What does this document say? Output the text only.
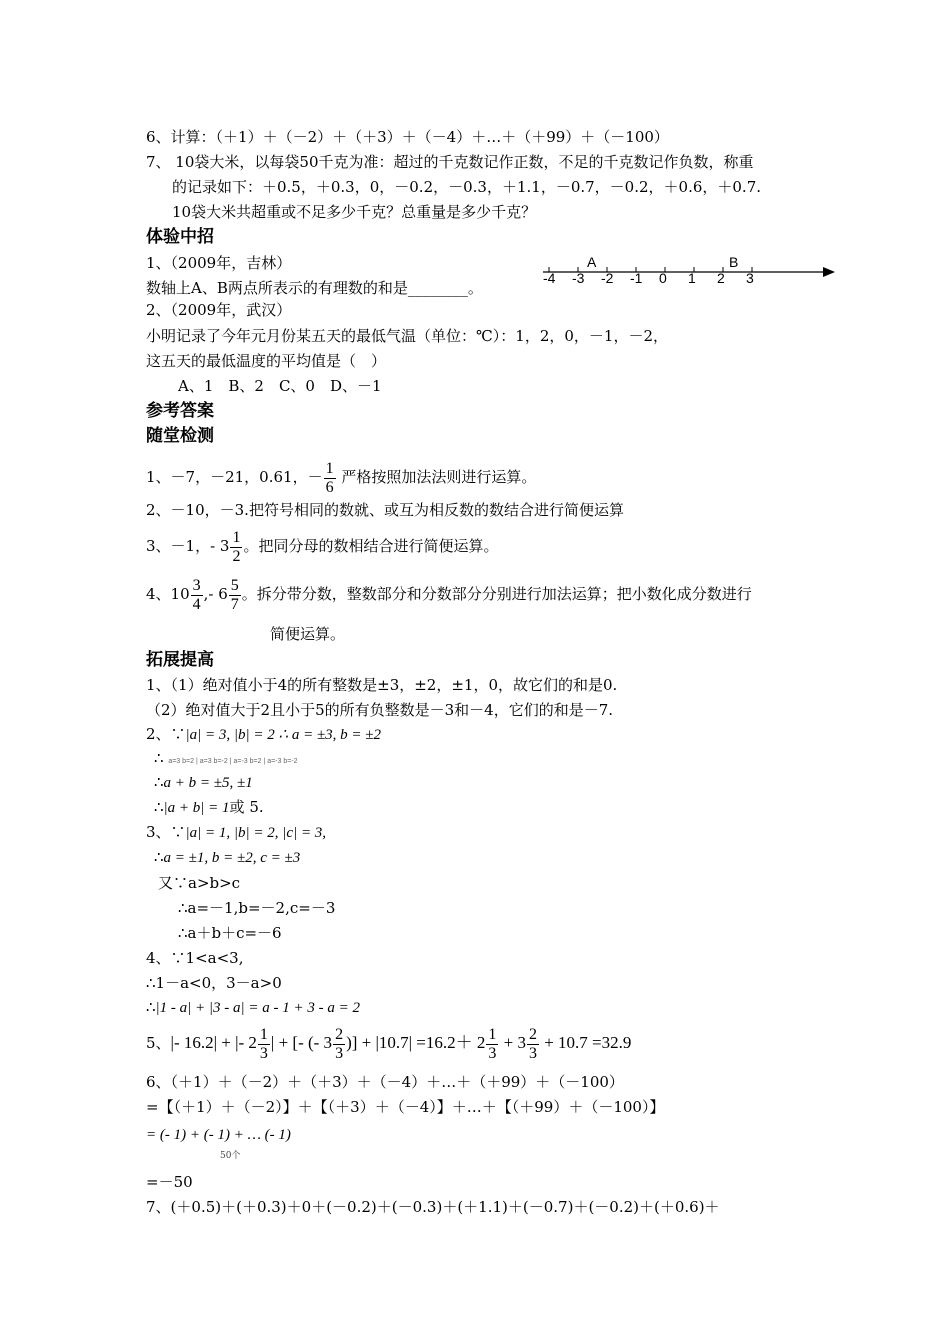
6、计算：（＋1）＋（－2）＋（＋3）＋（－4）＋…＋（＋99）＋（－100）
7、 10袋大米，以每袋50千克为准：超过的千克数记作正数，不足的千克数记作负数，称重
的记录如下：＋0.5，＋0.3，0，－0.2，－0.3，＋1.1，－0.7，－0.2，＋0.6，＋0.7.
10袋大米共超重或不足多少千克？总重量是多少千克？
体验中招
1、（2009年，吉林）
数轴上A、B两点所表示的有理数的和是________。
-4 -3 -2 -1 0 1 2 3
A	B
2、（2009年，武汉）
小明记录了今年元月份某五天的最低气温（单位：℃）：1，2，0，－1，－2，
这五天的最低温度的平均值是（　）
A、1　B、2　C、0　D、－1
参考答案
随堂检测
1、－7，－21，0.61，－ $\frac{1}{6}$ 严格按照加法法则进行运算。
2、－10，－3.把符号相同的数就、或互为相反数的数结合进行简便运算
3、－1，- $3 \frac{1}{2}$ 。把同分母的数相结合进行简便运算。
4、$10 \frac{3}{4}$ ,- $6 \frac{5}{7}$ 。拆分带分数，整数部分和分数部分分别进行加法运算；把小数化成分数进行
简便运算。
拓展提高
1、（1）绝对值小于4的所有整数是±3，±2，±1，0，故它们的和是0.
（2）绝对值大于2且小于5的所有负整数是－3和－4，它们的和是－7.
2、∵|a| = 3, |b| = 2 ∴ a = ±3, b = ±2
∴ a=3 b=2 | a=3 b=-2 | a=-3 b=2 | a=-3 b=-2
∴a + b = ±5, ±1
∴|a + b| = 1或 5.
3、∵|a| = 1, |b| = 2, |c| = 3,
∴a = ±1, b = ±2, c = ±3
又∵a>b>c
∴a=－1,b=－2,c=－3
∴a＋b＋c=－6
4、∵1<a<3,
∴1－a<0，3－a>0
∴|1 - a| + |3 - a| = a - 1 + 3 - a = 2
5、|- 16.2| + |- $2 \frac{1}{3}$ | + [- (- $3 \frac{2}{3}$ )] + $|10.7| =16.2+ 2 \frac{1}{3} + 3 \frac{2}{3} + 10.7 =32.9$
6、（＋1）＋（－2）＋（＋3）＋（－4）＋…＋（＋99）＋（－100）
=【（＋1）＋（－2）】＋【（＋3）＋（－4）】＋…＋【（＋99）＋（－100）】
= (- 1) + (- 1) + … (- 1)
50个
=－50
7、(＋0.5)＋(＋0.3)＋0＋(－0.2)＋(－0.3)＋(＋1.1)＋(－0.7)＋(－0.2)＋(＋0.6)＋
